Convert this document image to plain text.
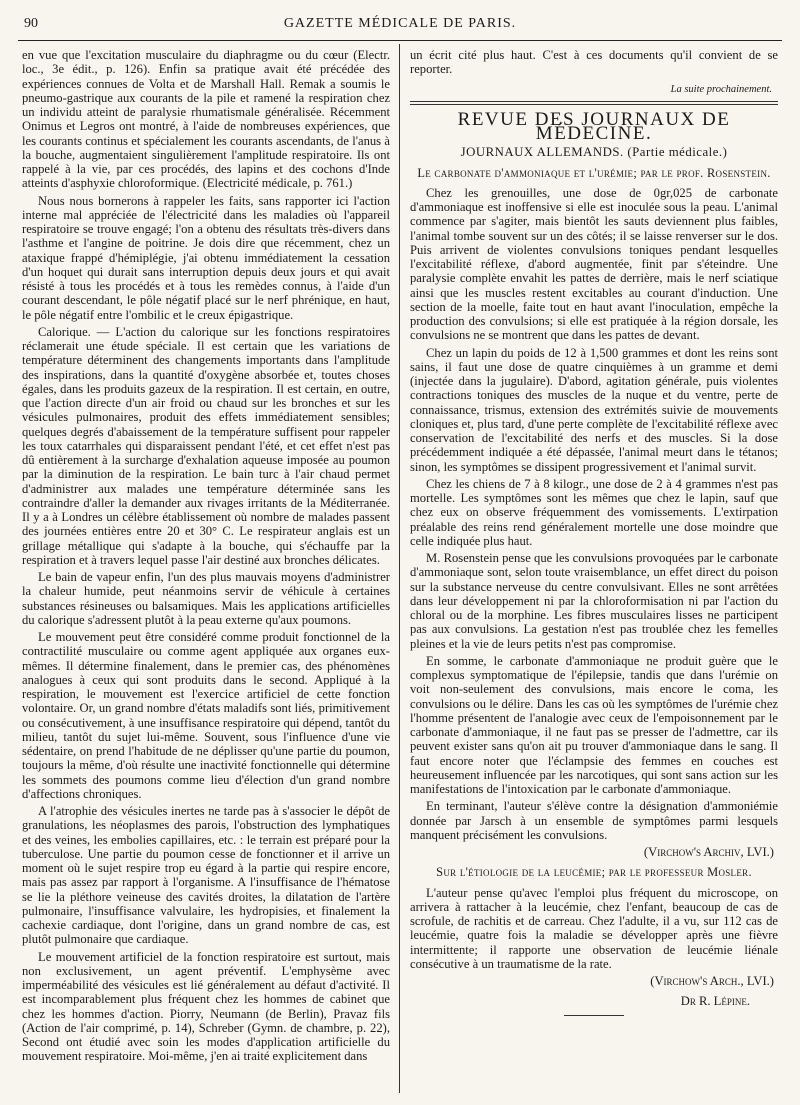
90	GAZETTE MÉDICALE DE PARIS.

en vue que l'excitation musculaire du diaphragme ou du cœur (Electr. loc., 3e édit., p. 126). Enfin sa pratique avait été précédée des expériences connues de Volta et de Marshall Hall. Remak a soumis le pneumo-gastrique aux courants de la pile et ramené la respiration chez un individu atteint de paralysie rhumatismale généralisée. Récemment Onimus et Legros ont montré, à l'aide de nombreuses expériences, que les courants continus et spécialement les courants ascendants, de l'anus à la bouche, augmentaient singulièrement l'amplitude respiratoire. Ils ont rappelé à la vie, par ces procédés, des lapins et des cochons d'Inde atteints d'asphyxie chloroformique. (Electricité médicale, p. 761.)

Nous nous bornerons à rappeler les faits, sans rapporter ici l'action interne mal appréciée de l'électricité dans les maladies où l'appareil respiratoire se trouve engagé; l'on a obtenu des résultats très-divers dans l'asthme et l'angine de poitrine. Je dois dire que récemment, chez un ataxique frappé d'hémiplégie, j'ai obtenu immédiatement la cessation d'un hoquet qui durait sans interruption depuis deux jours et qui avait résisté à tous les procédés et à tous les remèdes connus, à l'aide d'un courant descendant, le pôle négatif placé sur le nerf phrénique, en haut, le pôle négatif entre l'ombilic et le creux épigastrique.

Calorique. — L'action du calorique sur les fonctions respiratoires réclamerait une étude spéciale. Il est certain que les variations de température déterminent des changements importants dans l'amplitude des inspirations, dans la quantité d'oxygène absorbée et, toutes choses égales, dans les produits gazeux de la respiration. Il est certain, en outre, que l'action directe d'un air froid ou chaud sur les bronches et sur les vésicules pulmonaires, produit des effets immédiatement sensibles; quelques degrés d'abaissement de la température suffisent pour rappeler les toux catarrhales qui disparaissent pendant l'été, et cet effet n'est pas dû entièrement à la surcharge d'exhalation aqueuse imposée au poumon par la diminution de la respiration. Le bain turc à l'air chaud permet d'administrer aux malades une température déterminée sans les contraindre d'aller la demander aux rivages irritants de la Méditerranée. Il y a à Londres un célèbre établissement où nombre de malades passent des journées entières entre 20 et 30° C. Le respirateur anglais est un grillage métallique qui s'adapte à la bouche, qui s'échauffe par la respiration et à travers lequel passe l'air destiné aux bronches délicates.

Le bain de vapeur enfin, l'un des plus mauvais moyens d'administrer la chaleur humide, peut néanmoins servir de véhicule à certaines substances résineuses ou balsamiques. Mais les applications artificielles du calorique s'adressent plutôt à la peau externe qu'aux poumons.

Le mouvement peut être considéré comme produit fonctionnel de la contractilité musculaire ou comme agent appliquée aux organes eux-mêmes. Il détermine finalement, dans le premier cas, des phénomènes analogues à ceux qui sont produits dans le second. Appliqué à la respiration, le mouvement est l'exercice artificiel de cette fonction volontaire. Or, un grand nombre d'états maladifs sont liés, primitivement ou consécutivement, à une insuffisance respiratoire qui dépend, tantôt du milieu, tantôt du sujet lui-même. Souvent, sous l'influence d'une vie sédentaire, on prend l'habitude de ne déplisser qu'une partie du poumon, toujours la même, d'où résulte une inactivité fonctionnelle qui détermine les sommets des poumons comme lieu d'élection d'un grand nombre d'affections chroniques.

A l'atrophie des vésicules inertes ne tarde pas à s'associer le dépôt de granulations, les néoplasmes des parois, l'obstruction des lymphatiques et des veines, les embolies capillaires, etc. : le terrain est préparé pour la tuberculose. Une partie du poumon cesse de fonctionner et il arrive un moment où le sujet respire trop eu égard à la partie qui respire encore, mais pas assez par rapport à l'organisme. A l'insuffisance de l'hématose se lie la pléthore veineuse des cavités droites, la dilatation de l'artère pulmonaire, l'insuffisance valvulaire, les hydropisies, et finalement la cachexie cardiaque, dont l'origine, dans un grand nombre de cas, est plutôt pulmonaire que cardiaque.

Le mouvement artificiel de la fonction respiratoire est surtout, mais non exclusivement, un agent préventif. L'emphysème avec imperméabilité des vésicules est lié généralement au défaut d'activité. Il est incomparablement plus fréquent chez les hommes de cabinet que chez les hommes d'action. Piorry, Neumann (de Berlin), Pravaz fils (Action de l'air comprimé, p. 14), Schreber (Gymn. de chambre, p. 22), Second ont étudié avec soin les modes d'application artificielle du mouvement respiratoire. Moi-même, j'en ai traité explicitement dans

un écrit cité plus haut. C'est à ces documents qu'il convient de se reporter.

La suite prochainement.
REVUE DES JOURNAUX DE MÉDECINE.
JOURNAUX ALLEMANDS. (Partie médicale.)
Le carbonate d'ammoniaque et l'urémie; par le prof. Rosenstein.

Chez les grenouilles, une dose de 0gr,025 de carbonate d'ammoniaque est inoffensive si elle est inoculée sous la peau. L'animal commence par s'agiter, mais bientôt les sauts deviennent plus faibles, l'animal tombe souvent sur un des côtés; il se laisse renverser sur le dos. Puis arrivent de violentes convulsions toniques pendant lesquelles l'excitabilité réflexe, d'abord augmentée, finit par s'éteindre. Une paralysie complète envahit les pattes de derrière, mais le nerf sciatique ainsi que les muscles restent excitables au courant d'induction. Une section de la moelle, faite tout en haut avant l'inoculation, empêche la production des convulsions; si elle est pratiquée à la région dorsale, les convulsions ne se montrent que dans les pattes de devant.

Chez un lapin du poids de 12 à 1,500 grammes et dont les reins sont sains, il faut une dose de quatre cinquièmes à un gramme et demi (injectée dans la jugulaire). D'abord, agitation générale, puis violentes contractions toniques des muscles de la nuque et du ventre, perte de connaissance, trismus, extension des extrémités suivie de mouvements cloniques et, plus tard, d'une perte complète de l'excitabilité réflexe avec conservation de l'excitabilité des nerfs et des muscles. Si la dose précédemment indiquée a été dépassée, l'animal meurt dans le tétanos; sinon, les symptômes se dissipent progressivement et l'animal survit.

Chez les chiens de 7 à 8 kilogr., une dose de 2 à 4 grammes n'est pas mortelle. Les symptômes sont les mêmes que chez le lapin, sauf que chez eux on observe fréquemment des vomissements. L'extirpation préalable des reins rend généralement mortelle une dose moindre que celle indiquée plus haut.

M. Rosenstein pense que les convulsions provoquées par le carbonate d'ammoniaque sont, selon toute vraisemblance, un effet direct du poison sur la substance nerveuse du centre convulsivant. Elles ne sont arrêtées dans leur développement ni par la chloroformisation ni par l'action du chloral ou de la morphine. Les fibres musculaires lisses ne participent pas aux convulsions. La gestation n'est pas troublée chez les femelles pleines et la vie de leurs petits n'est pas compromise.

En somme, le carbonate d'ammoniaque ne produit guère que le complexus symptomatique de l'épilepsie, tandis que dans l'urémie on voit non-seulement des convulsions, mais encore le coma, les convulsions ou le délire. Dans les cas où les symptômes de l'urémie chez l'homme présentent de l'analogie avec ceux de l'empoisonnement par le carbonate d'ammoniaque, il ne faut pas se presser de l'admettre, car ils peuvent exister sans qu'on ait pu trouver d'ammoniaque dans le sang. Il faut encore noter que l'éclampsie des femmes en couches est heureusement influencée par les narcotiques, qui sont sans action sur les manifestations de l'intoxication par le carbonate d'ammoniaque.

En terminant, l'auteur s'élève contre la désignation d'ammoniémie donnée par Jarsch à un ensemble de symptômes parmi lesquels manquent précisément les convulsions.

(Virchow's Archiv, LVI.)
Sur l'étiologie de la leucémie; par le professeur Mosler.

L'auteur pense qu'avec l'emploi plus fréquent du microscope, on arrivera à rattacher à la leucémie, chez l'enfant, beaucoup de cas de scrofule, de rachitis et de carreau. Chez l'adulte, il a vu, sur 112 cas de leucémie, quatre fois la maladie se développer après une fièvre intermittente; il rapporte une observation de leucémie liénale consécutive à un traumatisme de la rate.

(Virchow's Arch., LVI.)
Dr R. Lépine.
